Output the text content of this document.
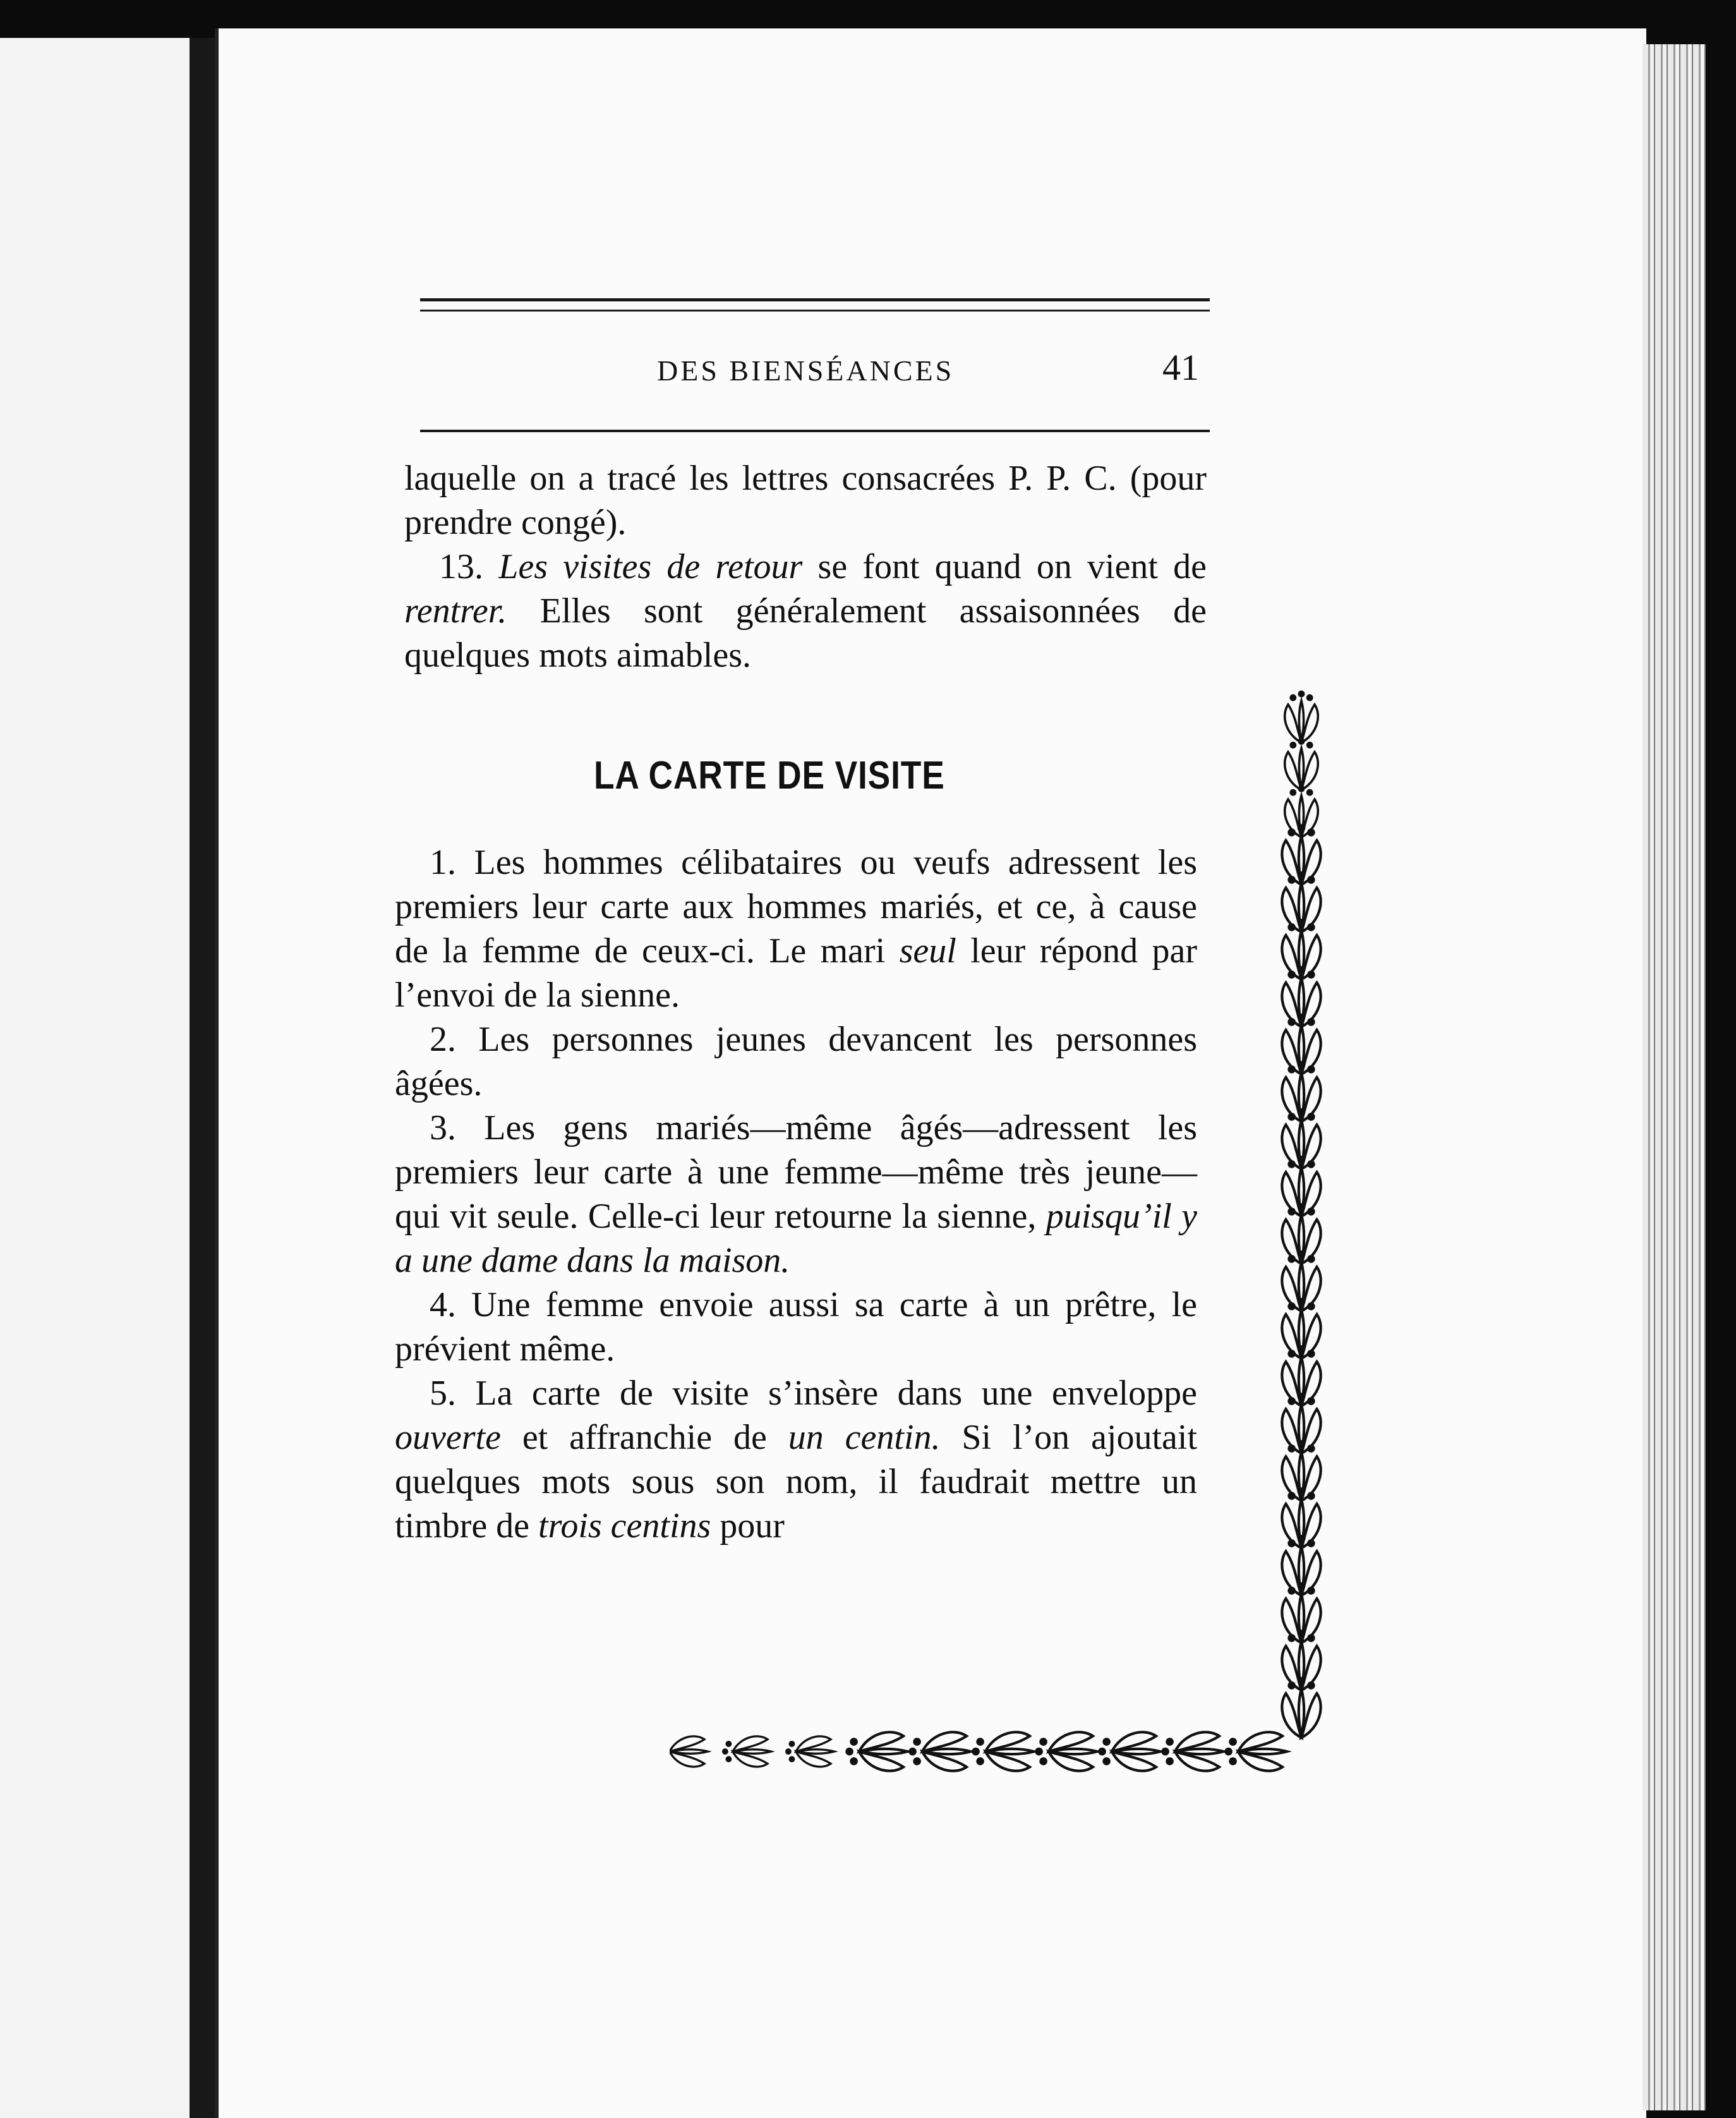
DES BIENSÉANCES	41

laquelle on a tracé les lettres consacrées P. P. C. (pour prendre congé).

13. Les visites de retour se font quand on vient de rentrer. Elles sont généralement assaisonnées de quelques mots aimables.

LA CARTE DE VISITE

1. Les hommes célibataires ou veufs adressent les premiers leur carte aux hommes mariés, et ce, à cause de la femme de ceux-ci. Le mari seul leur répond par l’envoi de la sienne.

2. Les personnes jeunes devancent les personnes âgées.

3. Les gens mariés—même âgés—adressent les premiers leur carte à une femme—même très jeune—qui vit seule. Celle-ci leur retourne la sienne, puisqu’il y a une dame dans la maison.

4. Une femme envoie aussi sa carte à un prêtre, le prévient même.

5. La carte de visite s’insère dans une enveloppe ouverte et affranchie de un centin. Si l’on ajoutait quelques mots sous son nom, il faudrait mettre un timbre de trois centins pour
